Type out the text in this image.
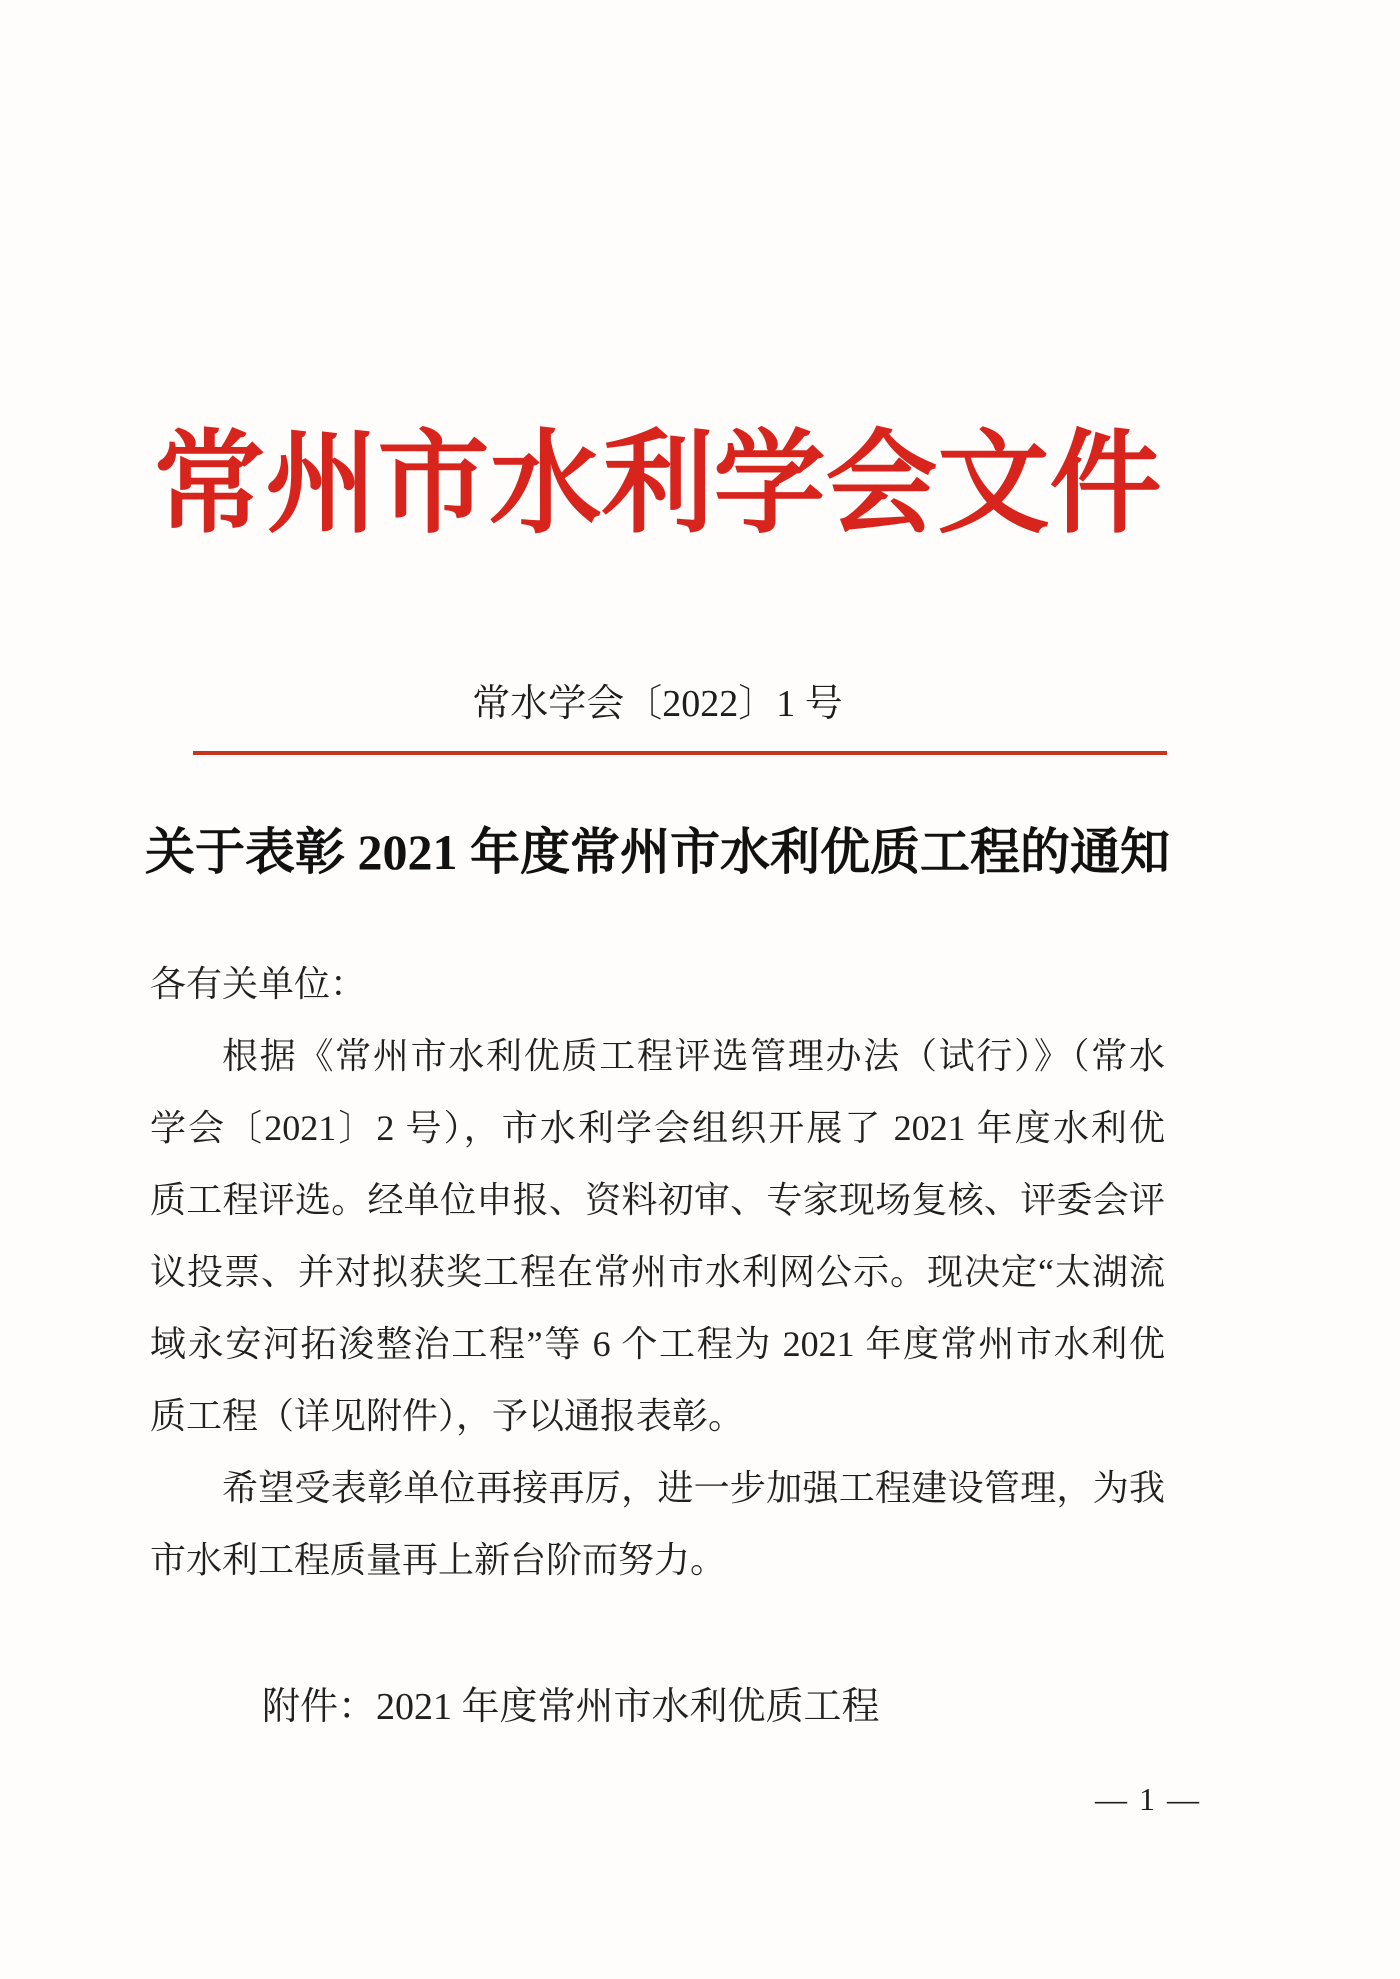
常州市水利学会文件
常水学会〔2022〕1 号
关于表彰 2021 年度常州市水利优质工程的通知
各有关单位：
根据《常州市水利优质工程评选管理办法（试行）》（常水
学会〔2021〕2 号），市水利学会组织开展了 2021 年度水利优
质工程评选。经单位申报、资料初审、专家现场复核、评委会评
议投票、并对拟获奖工程在常州市水利网公示。现决定“太湖流
域永安河拓浚整治工程”等 6 个工程为 2021 年度常州市水利优
质工程（详见附件），予以通报表彰。
希望受表彰单位再接再厉，进一步加强工程建设管理，为我
市水利工程质量再上新台阶而努力。
附件：2021 年度常州市水利优质工程
— 1 —
